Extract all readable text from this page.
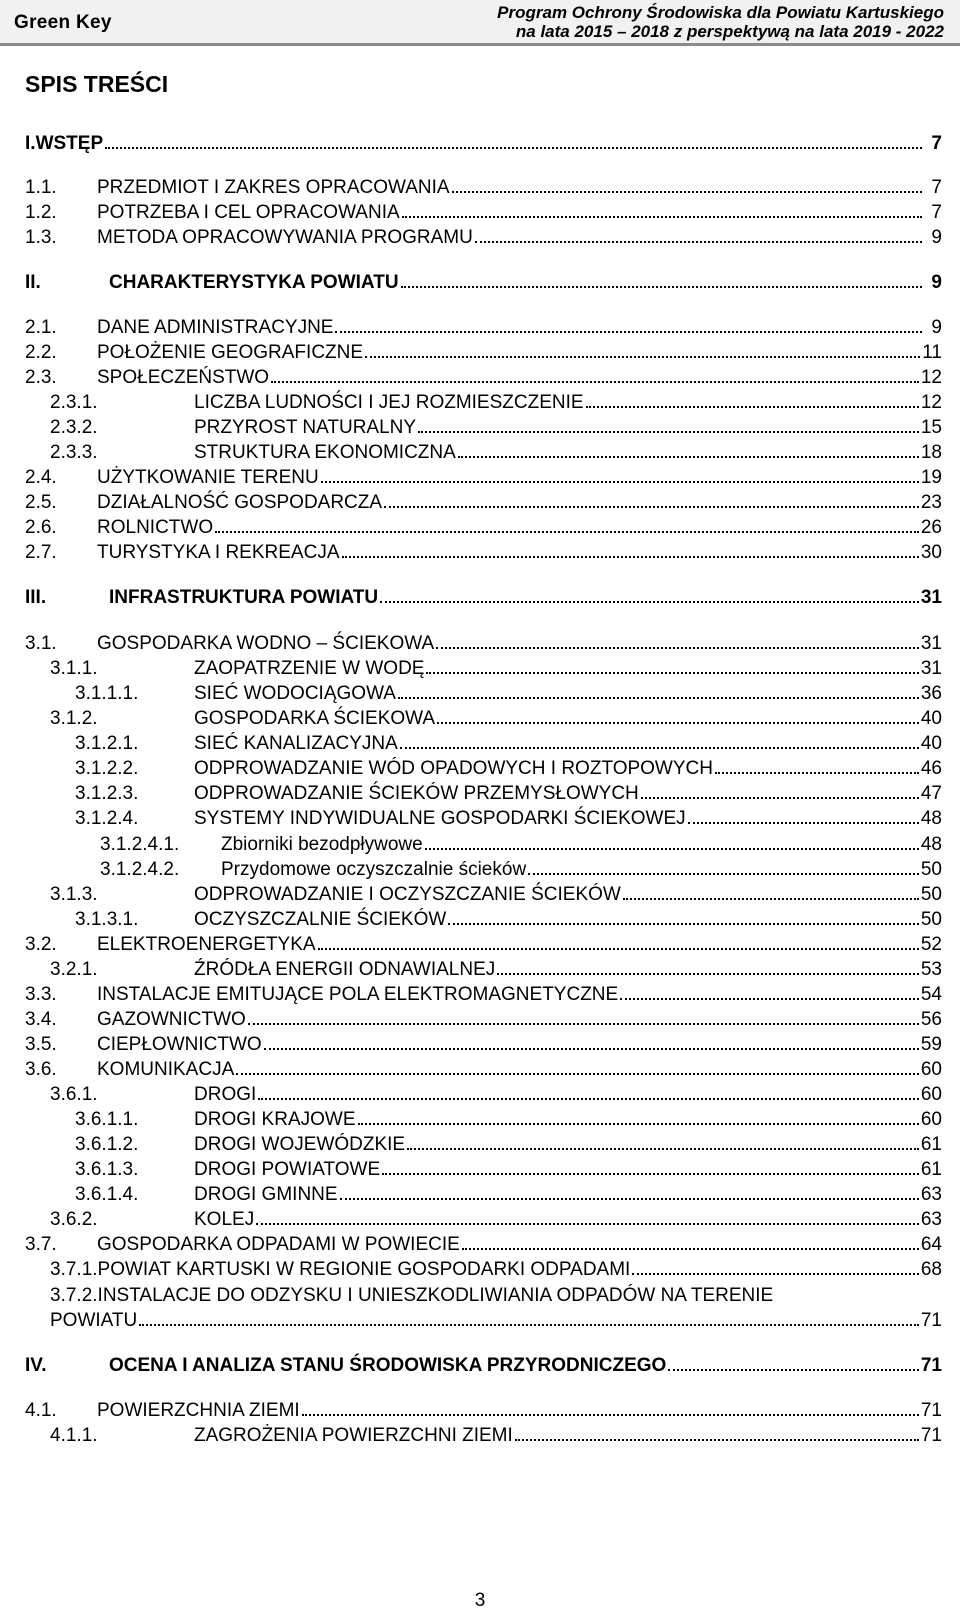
Green Key	Program Ochrony Środowiska dla Powiatu Kartuskiego
na lata 2015 – 2018 z perspektywą na lata 2019 - 2022
SPIS TREŚCI
I. WSTĘP	7
1.1.	PRZEDMIOT I ZAKRES OPRACOWANIA	7
1.2.	POTRZEBA I CEL OPRACOWANIA	7
1.3.	METODA OPRACOWYWANIA PROGRAMU	9
II.	CHARAKTERYSTYKA POWIATU	9
2.1.	DANE ADMINISTRACYJNE	9
2.2.	POŁOŻENIE GEOGRAFICZNE	11
2.3.	SPOŁECZEŃSTWO	12
2.3.1.	LICZBA LUDNOŚCI I JEJ ROZMIESZCZENIE	12
2.3.2.	PRZYROST NATURALNY	15
2.3.3.	STRUKTURA EKONOMICZNA	18
2.4.	UŻYTKOWANIE TERENU	19
2.5.	DZIAŁALNOŚĆ GOSPODARCZA	23
2.6.	ROLNICTWO	26
2.7.	TURYSTYKA I REKREACJA	30
III.	INFRASTRUKTURA POWIATU	31
3.1.	GOSPODARKA WODNO – ŚCIEKOWA	31
3.1.1.	ZAOPATRZENIE W WODĘ	31
3.1.1.1.	SIEĆ WODOCIĄGOWA	36
3.1.2.	GOSPODARKA ŚCIEKOWA	40
3.1.2.1.	SIEĆ KANALIZACYJNA	40
3.1.2.2.	ODPROWADZANIE WÓD OPADOWYCH I ROZTOPOWYCH	46
3.1.2.3.	ODPROWADZANIE ŚCIEKÓW PRZEMYSŁOWYCH	47
3.1.2.4.	SYSTEMY INDYWIDUALNE GOSPODARKI ŚCIEKOWEJ	48
3.1.2.4.1.	Zbiorniki bezodpływowe	48
3.1.2.4.2.	Przydomowe oczyszczalnie ścieków	50
3.1.3.	ODPROWADZANIE I OCZYSZCZANIE ŚCIEKÓW	50
3.1.3.1.	OCZYSZCZALNIE ŚCIEKÓW	50
3.2.	ELEKTROENERGETYKA	52
3.2.1.	ŹRÓDŁA ENERGII ODNAWIALNEJ	53
3.3.	INSTALACJE EMITUJĄCE POLA ELEKTROMAGNETYCZNE	54
3.4.	GAZOWNICTWO	56
3.5.	CIEPŁOWNICTWO	59
3.6.	KOMUNIKACJA	60
3.6.1.	DROGI	60
3.6.1.1.	DROGI KRAJOWE	60
3.6.1.2.	DROGI WOJEWÓDZKIE	61
3.6.1.3.	DROGI POWIATOWE	61
3.6.1.4.	DROGI GMINNE	63
3.6.2.	KOLEJ	63
3.7.	GOSPODARKA ODPADAMI W POWIECIE	64
3.7.1. POWIAT KARTUSKI W REGIONIE GOSPODARKI ODPADAMI	68
3.7.2. INSTALACJE DO ODZYSKU I UNIESZKODLIWIANIA ODPADÓW NA TERENIE
POWIATU	71
IV.	OCENA I ANALIZA STANU ŚRODOWISKA PRZYRODNICZEGO	71
4.1.	POWIERZCHNIA ZIEMI	71
4.1.1.	ZAGROŻENIA POWIERZCHNI ZIEMI	71
3
